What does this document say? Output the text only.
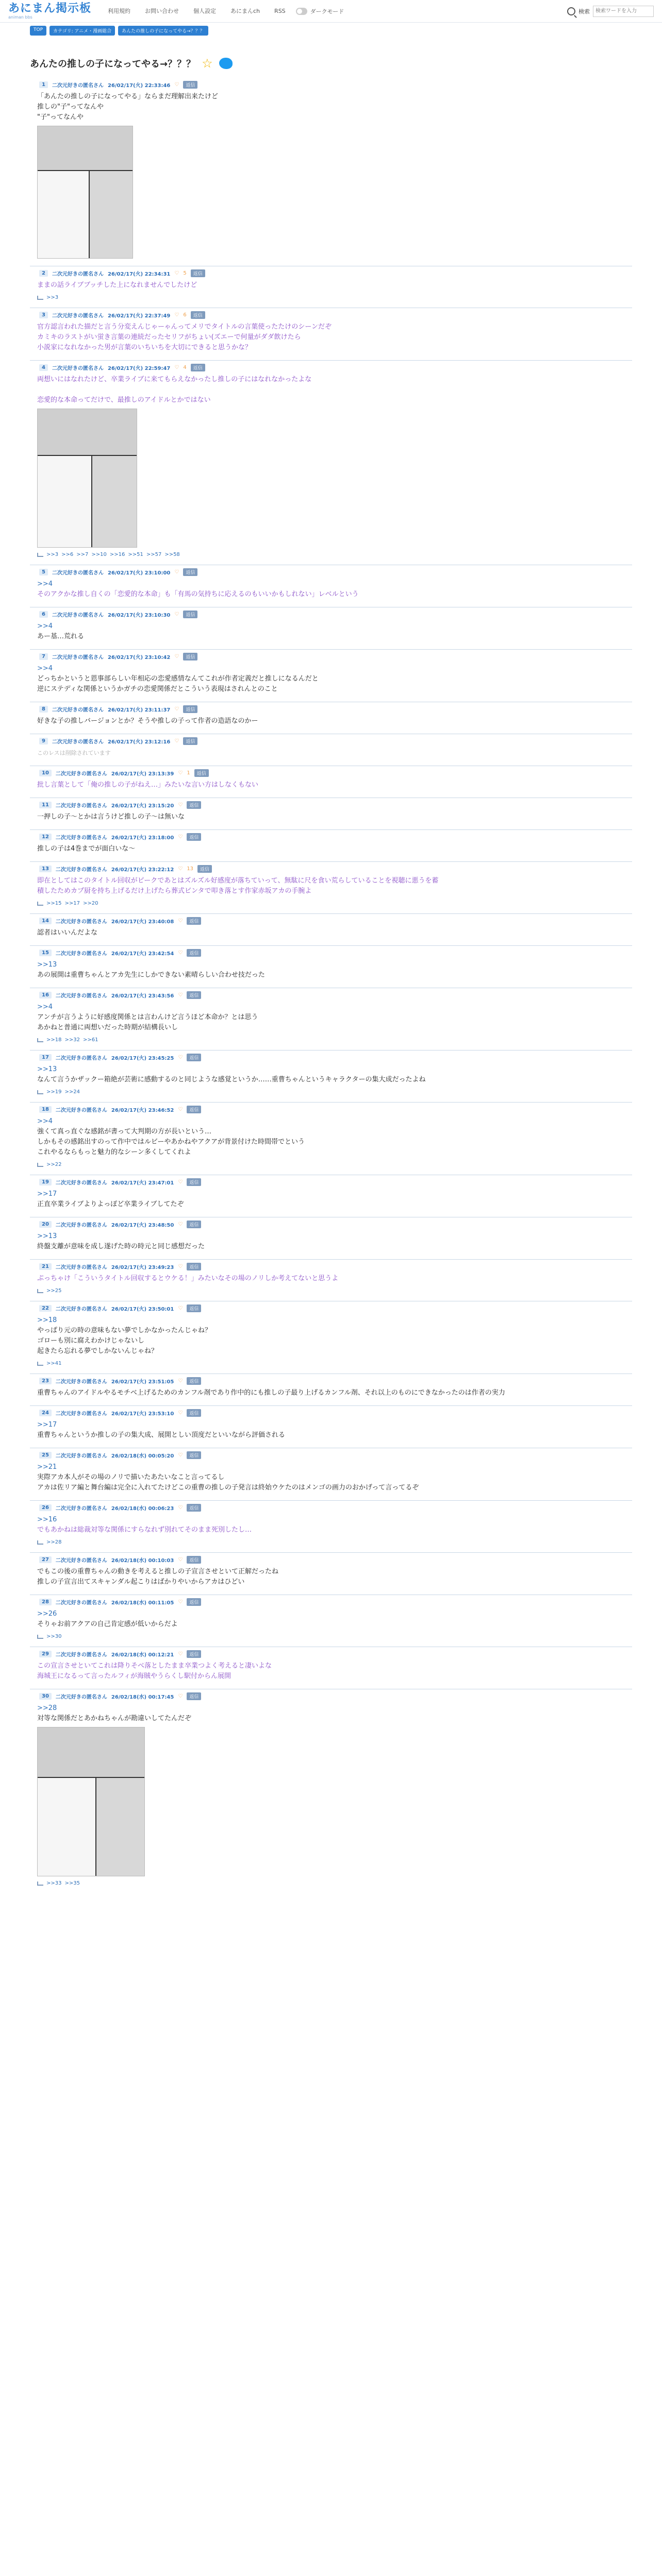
あにまん掲示板
animan bbs
利用規約	お問い合わせ	個人設定	あにまんch	RSS	ダークモード	検索
検索ワードを入力
TOP	カテゴリ: アニメ・漫画総合	あんたの推しの子になってやる→？？？
あんたの推しの子になってやる→？？？ ☆
1	二次元好きの匿名さん 26/02/17(火) 22:33:46 ♡	返信
「あんたの推しの子になってやる」ならまだ理解出来たけど
推しの"子"ってなんや
"子"ってなんや
2	二次元好きの匿名さん 26/02/17(火) 22:34:31 ♡ 5	返信
ままの話ライブブッチした上になれませんでしたけど
>>3
3	二次元好きの匿名さん 26/02/17(火) 22:37:49 ♡ 6	返信
官方認言われた描だと言う分変えんじゃーゃんってメリでタイトルの言葉使ったたけのシーンだぞ
カミキのラストがい蛍き言葉の連続だったセリフがちょい(ズエーで何量がダダ飲けたら
小説家になれなかった男が言葉のいちいちを大切にできると思うかな？
4	二次元好きの匿名さん 26/02/17(火) 22:59:47 ♡ 4	返信
両想いにはなれたけど、卒業ライブに来てもらえなかったし推しの子にはなれなかったよな

恋愛的な本命ってだけで、最推しのアイドルとかではない
>>3 >>6 >>7 >>10 >>16 >>51 >>57 >>58
5	二次元好きの匿名さん 26/02/17(火) 23:10:00 ♡	返信
>>4
そのアクかな推し自くの「恋愛的な本命」も「有馬の気持ちに応えるのもいいかもしれない」レベルという
6	二次元好きの匿名さん 26/02/17(火) 23:10:30 ♡	返信
>>4
あー基…荒れる
7	二次元好きの匿名さん 26/02/17(火) 23:10:42 ♡	返信
>>4
どっちかというと恩事部らしい年相応の恋愛感情なんてこれが作者定義だと推しになるんだと
逆にステディな関係というかガチの恋愛関係だとこういう表現はされんとのこと
8	二次元好きの匿名さん 26/02/17(火) 23:11:37 ♡	返信
好きな子の推しバージョンとか？そうや推しの子って作者の造語なのかー
9	二次元好きの匿名さん 26/02/17(火) 23:12:16 ♡	返信
このレスは削除されています
10	二次元好きの匿名さん 26/02/17(火) 23:13:39 ♡ 1	返信
批し言葉として「俺の推しの子がねえ…」みたいな言い方はしなくもない
11	二次元好きの匿名さん 26/02/17(火) 23:15:20 ♡	返信
一押しの子〜とかは言うけど推しの子〜は無いな
12	二次元好きの匿名さん 26/02/17(火) 23:18:00 ♡	返信
推しの子は4巻までが面白いな〜
13	二次元好きの匿名さん 26/02/17(火) 23:22:12 ♡ 13	返信
即在としてはこのタイトル回収がピークであとはズルズル好感度が落ちていって、無駄に尺を食い荒らしていることを視聴に悪うを蓄
積したためカプ厨を持ち上げるだけ上げたら葬式ビンタで叩き落とす作家赤坂アカの手腕よ
>>15 >>17 >>20
14	二次元好きの匿名さん 26/02/17(火) 23:40:08 ♡	返信
認者はいいんだよな
15	二次元好きの匿名さん 26/02/17(火) 23:42:54 ♡	返信
>>13
あの展開は重曹ちゃんとアカ先生にしかできない素晴らしい合わせ技だった
16	二次元好きの匿名さん 26/02/17(火) 23:43:56 ♡	返信
>>4
アンチが言うように好感度関係とは言わんけど言うほど本命か？とは思う
あかねと普通に両想いだった時期が結構長いし
>>18 >>32 >>61
17	二次元好きの匿名さん 26/02/17(火) 23:45:25 ♡	返信
>>13
なんて言うかザックー箱絶が芸術に感動するのと同じような感覚というか……重曹ちゃんというキャラクターの集大成だったよね
>>19 >>24
18	二次元好きの匿名さん 26/02/17(火) 23:46:52 ♡	返信
>>4
強くて真っ直ぐな感銘が書って大判期の方が長いという…
しかもその感銘出すのって作中ではルビーやあかねやアクアが背景付けた時間帯でという
これやるならもっと魅力的なシーン多くしてくれよ
>>22
19	二次元好きの匿名さん 26/02/17(火) 23:47:01 ♡	返信
>>17
正直卒業ライブよりよっぽど卒業ライブしてたぞ
20	二次元好きの匿名さん 26/02/17(火) 23:48:50 ♡	返信
>>13
終盤支離が意味を成し遂げた時の時元と同じ感想だった
21	二次元好きの匿名さん 26/02/17(火) 23:49:23 ♡	返信
ぷっちゃけ「こういうタイトル回収するとウケる！」みたいなその場のノリしか考えてないと思うよ
>>25
22	二次元好きの匿名さん 26/02/17(火) 23:50:01 ♡	返信
>>18
やっぱり元の時の意味もない夢でしかなかったんじゃね？
ゴローも別に腐えわかけじゃないし
起きたら忘れる夢でしかないんじゃね？
>>41
23	二次元好きの匿名さん 26/02/17(火) 23:51:05 ♡	返信
重曹ちゃんのアイドルやるモチベ上げるためのカンフル剤であり作中的にも推しの子最り上げるカンフル剤、それ以上のものにできなかったのは作者の実力
24	二次元好きの匿名さん 26/02/17(火) 23:53:10 ♡	返信
>>17
重曹ちゃんというか推しの子の集大成、展開としい頂度だといいながら評価される
25	二次元好きの匿名さん 26/02/18(水) 00:05:20 ♡	返信
>>21
実際アカ本人がその場のノリで描いたあたいなこと言ってるし
アカは佐リア編と舞台編は完全に入れてたけどこの重曹の推しの子発言は終始ウケたのはメンゴの画力のおかげって言ってるぞ
26	二次元好きの匿名さん 26/02/18(水) 00:06:23 ♡	返信
>>16
でもあかねは総裁対等な関係にすらなれず別れてそのまま死別したし…
>>28
27	二次元好きの匿名さん 26/02/18(水) 00:10:03 ♡	返信
でもこの後の重曹ちゃんの動きを考えると推しの子宣言させといて正解だったね
推しの子宣言出てスキャンダル起こりはばかりやいからアカはひどい
28	二次元好きの匿名さん 26/02/18(水) 00:11:05 ♡	返信
>>26
そりゃお前アクアの自己肯定感が低いからだよ
>>30
29	二次元好きの匿名さん 26/02/18(水) 00:12:21 ♡	返信
この宣言させといてこれは降りそべ落としたまま卒業つよく考えると凄いよな
海城王になるって言ったルフィが海賊やうらくし駅付からん展開
30	二次元好きの匿名さん 26/02/18(水) 00:17:45 ♡	返信
>>28
対等な関係だとあかねちゃんが勘違いしてたんだぞ
>>33 >>35
